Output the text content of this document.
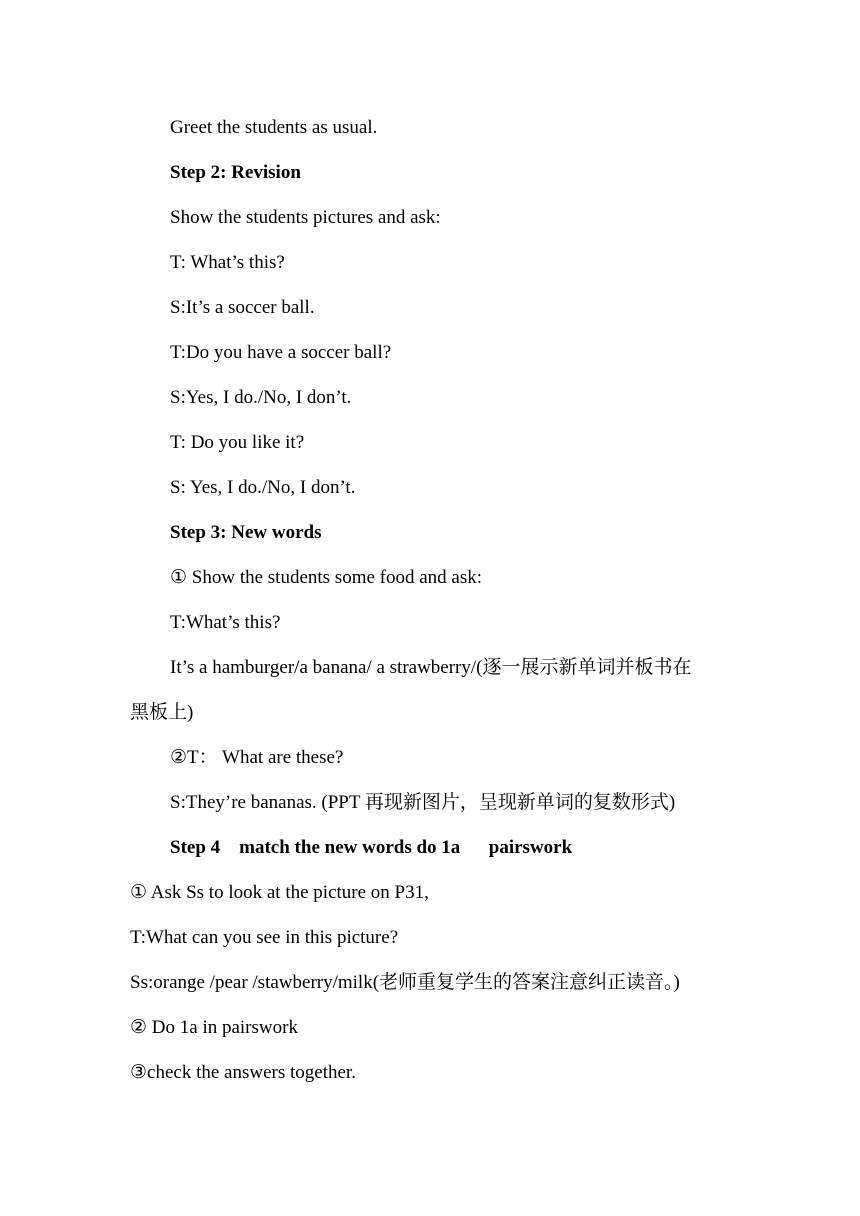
Greet the students as usual.
Step 2: Revision
Show the students pictures and ask:
T: What’s this?
S:It’s a soccer ball.
T:Do you have a soccer ball?
S:Yes, I do./No, I don’t.
T: Do you like it?
S: Yes, I do./No, I don’t.
Step 3: New words
① Show the students some food and ask:
T:What’s this?
It’s a hamburger/a banana/ a strawberry/(逐一展示新单词并板书在
黑板上)
②T： What are these?
S:They’re bananas. (PPT 再现新图片，呈现新单词的复数形式)
Step 4    match the new words do 1a      pairswork
① Ask Ss to look at the picture on P31,
T:What can you see in this picture?
Ss:orange /pear /stawberry/milk(老师重复学生的答案注意纠正读音。)
② Do 1a in pairswork
③check the answers together.
